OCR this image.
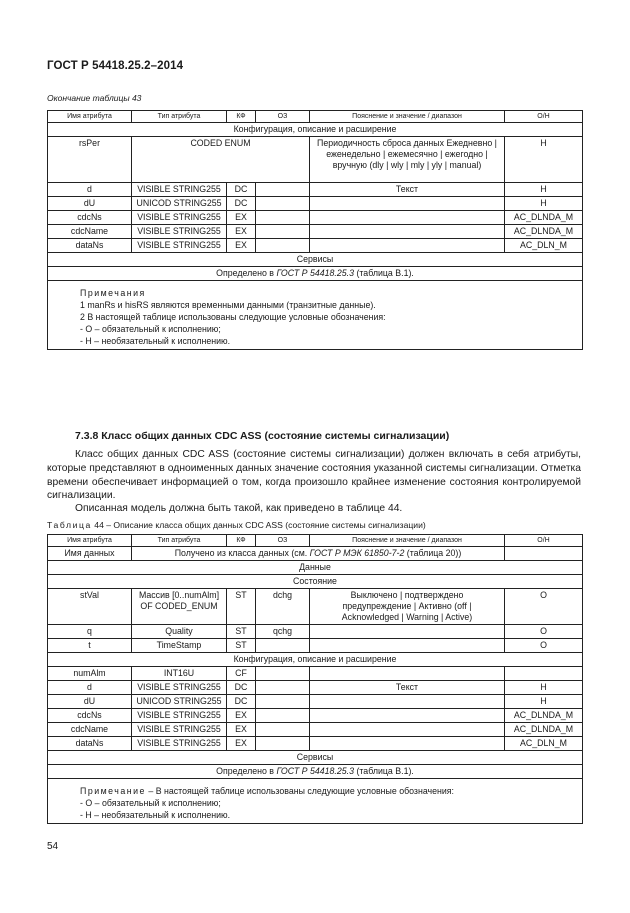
ГОСТ Р 54418.25.2–2014
Окончание таблицы 43
Имя атрибута	Тип атрибута	КФ	ОЗ	Пояснение и значение / диапазон	О/Н
Конфигурация, описание и расширение					
rsPer	CODED ENUM			Периодичность сброса данных Ежедневно | еженедельно | ежемесячно | ежегодно | вручную (dly | wly | mly | yly | manual)	H
d	VISIBLE STRING255	DC		Текст	H
dU	UNICOD STRING255	DC			H
cdcNs	VISIBLE STRING255	EX			AC_DLNDA_M
cdcName	VISIBLE STRING255	EX			AC_DLNDA_M
dataNs	VISIBLE STRING255	EX			AC_DLN_M
Сервисы					
Определено в ГОСТ Р 54418.25.3 (таблица В.1).					

Примечания
1 manRs и hisRS являются временными данными (транзитные данные).
2 В настоящей таблице использованы следующие условные обозначения:
- О – обязательный к исполнению;
- Н – необязательный к исполнению.					
7.3.8 Класс общих данных CDC ASS (состояние системы сигнализации)
Класс общих данных CDC ASS (состояние системы сигнализации) должен включать в себя атрибуты, которые представляют в одноименных данных значение состояния указанной системы сигнализации. Отметка времени обеспечивает информацией о том, когда произошло крайнее изменение состояния контролируемой сигнализации.
Описанная модель должна быть такой, как приведено в таблице 44.
Таблица 44 – Описание класса общих данных CDC ASS (состояние системы сигнализации)
Имя атрибута	Тип атрибута	КФ	ОЗ	Пояснение и значение / диапазон	О/Н
Имя данных	Получено из класса данных (см. ГОСТ Р МЭК 61850-7-2 (таблица 20))				
Данные					
Состояние					
stVal	Массив [0..numAlm] OF CODED_ENUM	ST	dchg	Выключено | подтверждено предупреждение | Активно (off | Acknowledged | Warning | Active)	O
q	Quality	ST	qchg		O
t	TimeStamp	ST			O
Конфигурация, описание и расширение					
numAlm	INT16U	CF			
d	VISIBLE STRING255	DC		Текст	H
dU	UNICOD STRING255	DC			H
cdcNs	VISIBLE STRING255	EX			AC_DLNDA_M
cdcName	VISIBLE STRING255	EX			AC_DLNDA_M
dataNs	VISIBLE STRING255	EX			AC_DLN_M
Сервисы					
Определено в ГОСТ Р 54418.25.3 (таблица В.1).					

Примечание – В настоящей таблице использованы следующие условные обозначения:
- О – обязательный к исполнению;
- Н – необязательный к исполнению.					
54
